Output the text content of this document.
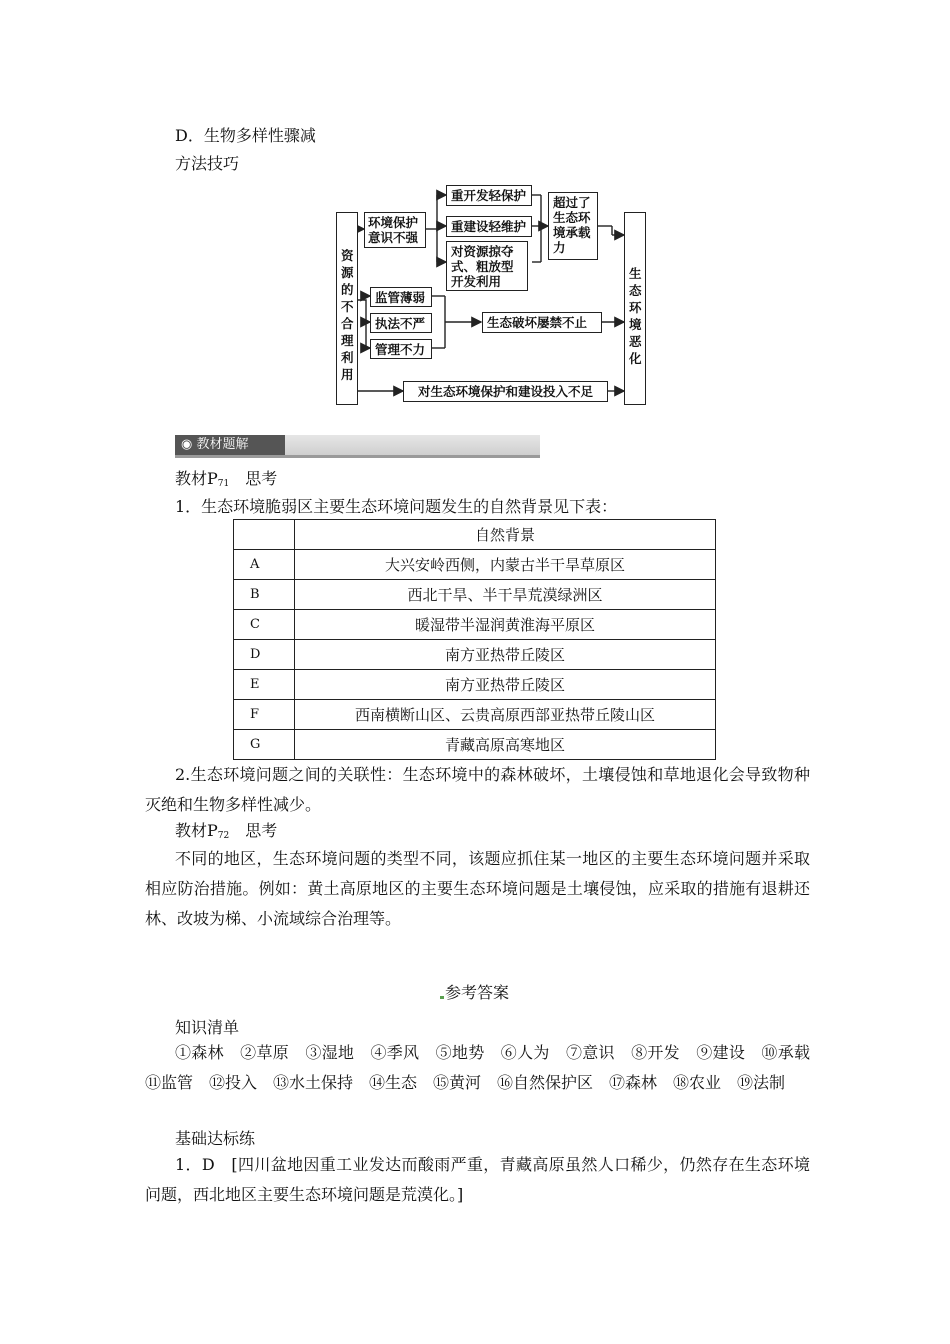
D．生物多样性骤减
方法技巧
资源的不合理利用
环境保护意识不强
重开发轻保护
重建设轻维护
对资源掠夺式、粗放型开发利用
超过了生态环境承载力
监管薄弱
执法不严
管理不力
生态破坏屡禁不止
对生态环境保护和建设投入不足
生态环境恶化
◉ 教材题解
教材$P_{71}$　思考
1．生态环境脆弱区主要生态环境问题发生的自然背景见下表：
	自然背景
A	大兴安岭西侧，内蒙古半干旱草原区
B	西北干旱、半干旱荒漠绿洲区
C	暖湿带半湿润黄淮海平原区
D	南方亚热带丘陵区
E	南方亚热带丘陵区
F	西南横断山区、云贵高原西部亚热带丘陵山区
G	青藏高原高寒地区
2.生态环境问题之间的关联性：生态环境中的森林破坏，土壤侵蚀和草地退化会导致物种灭绝和生物多样性减少。
教材$P_{72}$　思考
不同的地区，生态环境问题的类型不同，该题应抓住某一地区的主要生态环境问题并采取相应防治措施。例如：黄土高原地区的主要生态环境问题是土壤侵蚀，应采取的措施有退耕还林、改坡为梯、小流域综合治理等。
参考答案
知识清单
①森林　②草原　③湿地　④季风　⑤地势　⑥人为　⑦意识　⑧开发　⑨建设　⑩承载　⑪监管　⑫投入　⑬水土保持　⑭生态　⑮黄河　⑯自然保护区　⑰森林　⑱农业　⑲法制
基础达标练
1．D　[四川盆地因重工业发达而酸雨严重，青藏高原虽然人口稀少，仍然存在生态环境问题，西北地区主要生态环境问题是荒漠化。]
